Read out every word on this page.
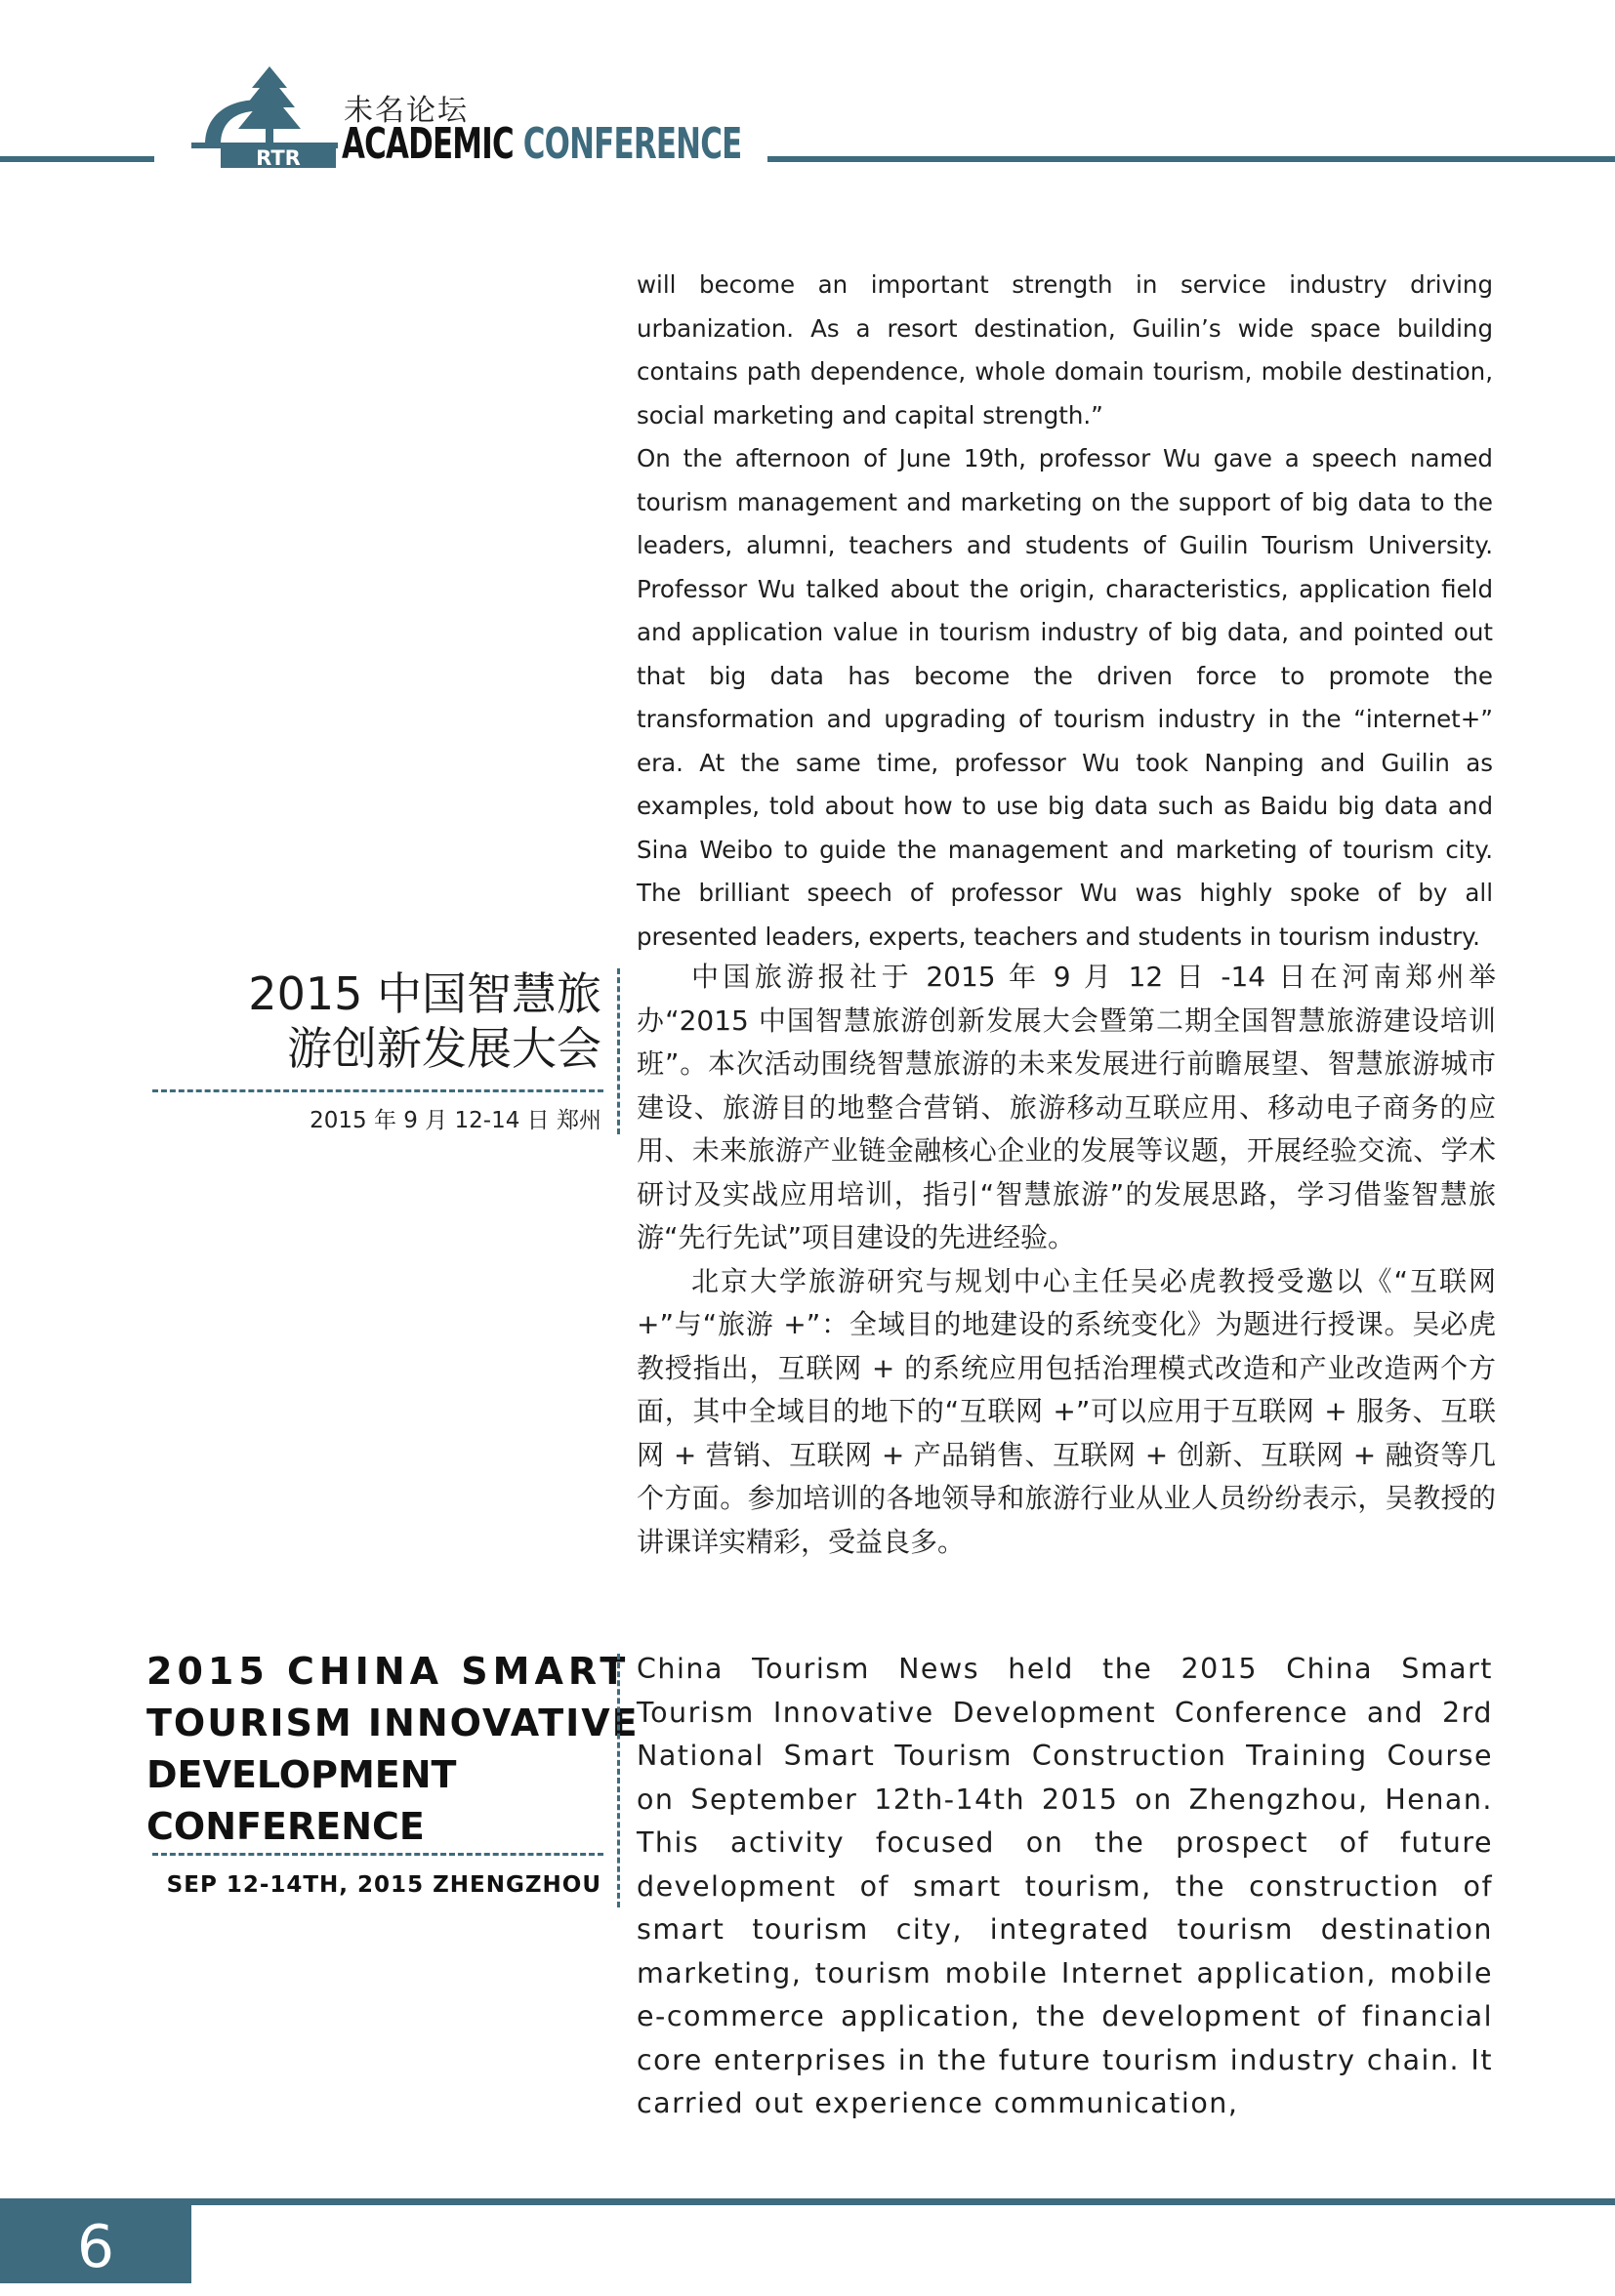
RTR
未名论坛
ACADEMIC CONFERENCE

will become an important strength in service industry driving urbanization. As a resort destination, Guilin’s wide space building contains path dependence, whole domain tourism, mobile destination, social marketing and capital strength.”

On the afternoon of June 19th, professor Wu gave a speech named tourism management and marketing on the support of big data to the leaders, alumni, teachers and students of Guilin Tourism University. Professor Wu talked about the origin, characteristics, application field and application value in tourism industry of big data, and pointed out that big data has become the driven force to promote the transformation and upgrading of tourism industry in the “internet+” era. At the same time, professor Wu took Nanping and Guilin as examples, told about how to use big data such as Baidu big data and Sina Weibo to guide the management and marketing of tourism city. The brilliant speech of professor Wu was highly spoke of by all presented leaders, experts, teachers and students in tourism industry.

2015 中国智慧旅
游创新发展大会
2015 年 9 月 12-14 日 郑州

中国旅游报社于 2015 年 9 月 12 日 -14 日在河南郑州举办“2015 中国智慧旅游创新发展大会暨第二期全国智慧旅游建设培训班”。本次活动围绕智慧旅游的未来发展进行前瞻展望、智慧旅游城市建设、旅游目的地整合营销、旅游移动互联应用、移动电子商务的应用、未来旅游产业链金融核心企业的发展等议题，开展经验交流、学术研讨及实战应用培训，指引“智慧旅游”的发展思路，学习借鉴智慧旅游“先行先试”项目建设的先进经验。

北京大学旅游研究与规划中心主任吴必虎教授受邀以《“互联网 +”与“旅游 +”：全域目的地建设的系统变化》为题进行授课。吴必虎教授指出，互联网 + 的系统应用包括治理模式改造和产业改造两个方面，其中全域目的地下的“互联网 +”可以应用于互联网 + 服务、互联网 + 营销、互联网 + 产品销售、互联网 + 创新、互联网 + 融资等几个方面。参加培训的各地领导和旅游行业从业人员纷纷表示，吴教授的讲课详实精彩，受益良多。

2015 CHINA SMART
TOURISM INNOVATIVE
DEVELOPMENT
CONFERENCE
SEP 12-14TH, 2015 ZHENGZHOU
China Tourism News held the 2015 China Smart Tourism Innovative Development Conference and 2rd National Smart Tourism Construction Training Course on September 12th-14th 2015 on Zhengzhou, Henan. This activity focused on the prospect of future development of smart tourism, the construction of smart tourism city, integrated tourism destination marketing, tourism mobile Internet application, mobile e-commerce application, the development of financial core enterprises in the future tourism industry chain. It carried out experience communication,
6
